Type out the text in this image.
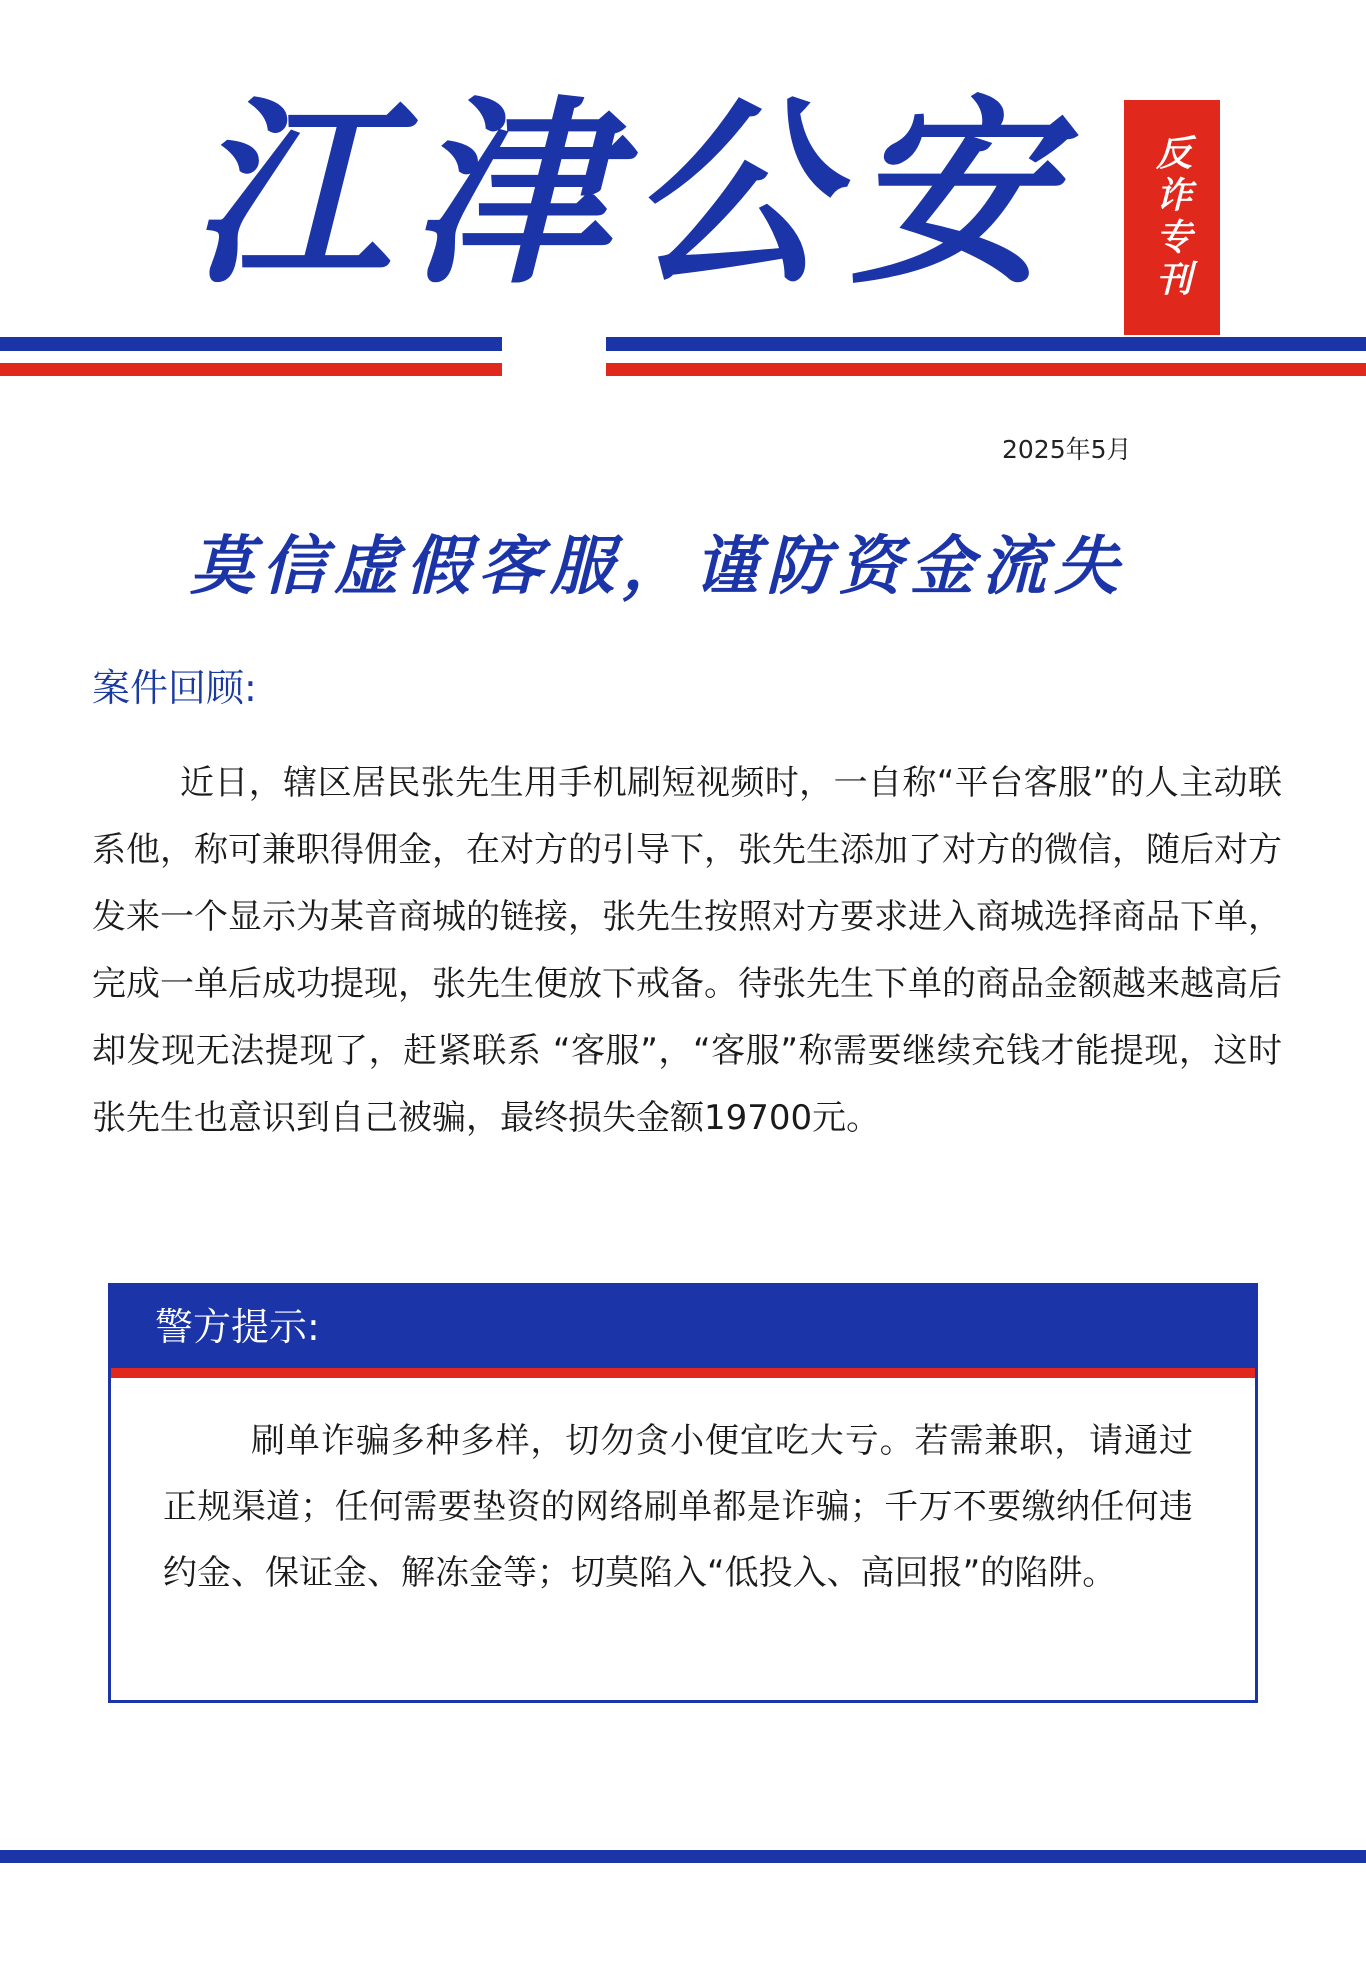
江津公安	反诈专刊
2025年5月
莫信虚假客服，谨防资金流失
案件回顾:

近日，辖区居民张先生用手机刷短视频时，一自称“平台客服”的人主动联系他，称可兼职得佣金，在对方的引导下，张先生添加了对方的微信，随后对方发来一个显示为某音商城的链接，张先生按照对方要求进入商城选择商品下单，完成一单后成功提现，张先生便放下戒备。待张先生下单的商品金额越来越高后却发现无法提现了，赶紧联系 “客服”，“客服”称需要继续充钱才能提现，这时张先生也意识到自己被骗，最终损失金额19700元。

警方提示:

刷单诈骗多种多样，切勿贪小便宜吃大亏。若需兼职，请通过正规渠道；任何需要垫资的网络刷单都是诈骗；千万不要缴纳任何违约金、保证金、解冻金等；切莫陷入“低投入、高回报”的陷阱。
